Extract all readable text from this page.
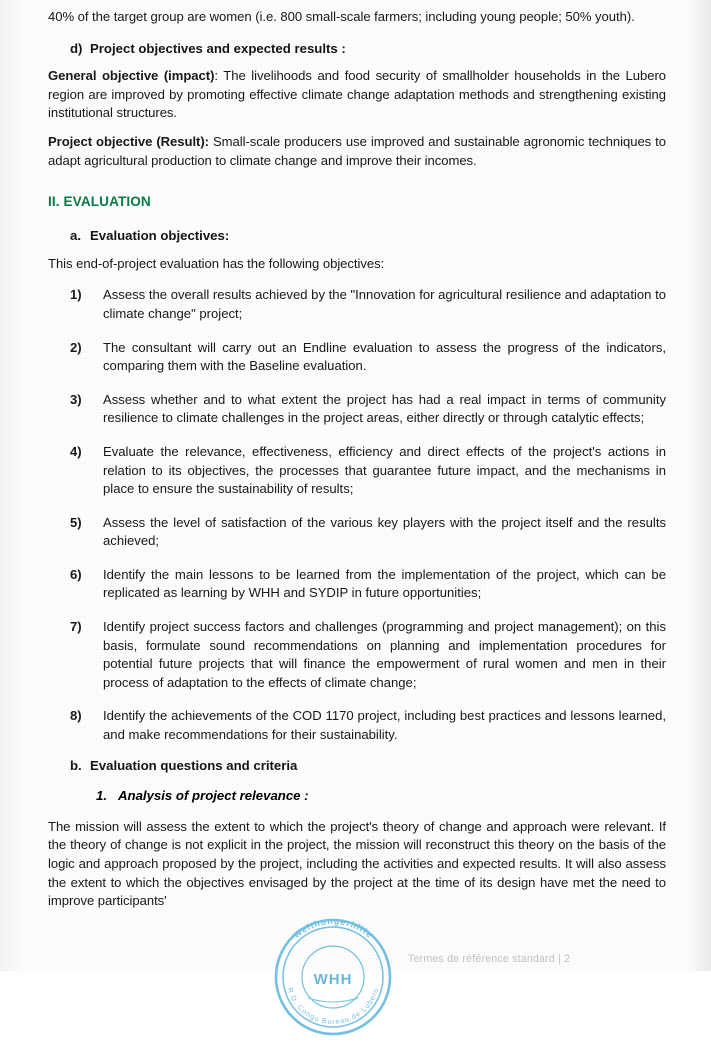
40% of the target group are women (i.e. 800 small-scale farmers; including young people; 50% youth).

d) Project objectives and expected results :

General objective (impact): The livelihoods and food security of smallholder households in the Lubero region are improved by promoting effective climate change adaptation methods and strengthening existing institutional structures.

Project objective (Result): Small-scale producers use improved and sustainable agronomic techniques to adapt agricultural production to climate change and improve their incomes.

II. EVALUATION
a. Evaluation objectives:

This end-of-project evaluation has the following objectives:

1)	Assess the overall results achieved by the "Innovation for agricultural resilience and adaptation to climate change" project;
2)	The consultant will carry out an Endline evaluation to assess the progress of the indicators, comparing them with the Baseline evaluation.
3)	Assess whether and to what extent the project has had a real impact in terms of community resilience to climate challenges in the project areas, either directly or through catalytic effects;
4)	Evaluate the relevance, effectiveness, efficiency and direct effects of the project's actions in relation to its objectives, the processes that guarantee future impact, and the mechanisms in place to ensure the sustainability of results;
5)	Assess the level of satisfaction of the various key players with the project itself and the results achieved;
6)	Identify the main lessons to be learned from the implementation of the project, which can be replicated as learning by WHH and SYDIP in future opportunities;
7)	Identify project success factors and challenges (programming and project management); on this basis, formulate sound recommendations on planning and implementation procedures for potential future projects that will finance the empowerment of rural women and men in their process of adaptation to the effects of climate change;
8)	Identify the achievements of the COD 1170 project, including best practices and lessons learned, and make recommendations for their sustainability.
b. Evaluation questions and criteria
1. Analysis of project relevance :

The mission will assess the extent to which the project's theory of change and approach were relevant. If the theory of change is not explicit in the project, the mission will reconstruct this theory on the basis of the logic and approach proposed by the project, including the activities and expected results. It will also assess the extent to which the objectives envisaged by the project at the time of its design have met the need to improve participants'

Welthungerhilfe
R.D. Congo Bureau de Lubero
WHH
Termes de référence standard | 2
